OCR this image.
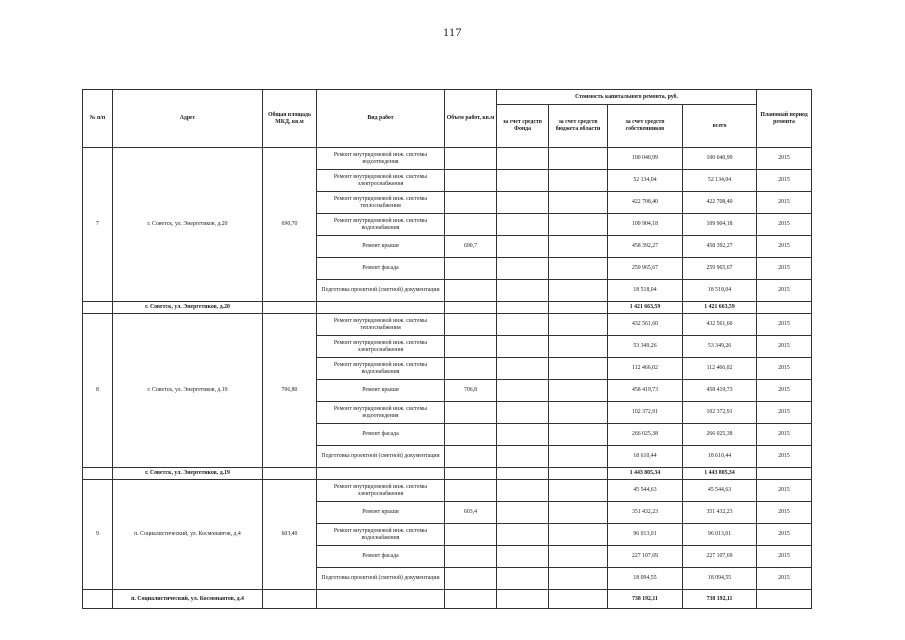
117
№ п/п	Адрес	Общая площадь МКД, кв.м	Вид работ	Объем работ, кв.м	Стоимость капитального ремонта, руб.				Плановый период ремонта
					за счет средств Фонда	за счет средств бюджета области	за счет средств собственников	всего	
7	г. Советск, ул. Энергетиков, д.20	690,70	Ремонт внутридомовой инж. системы водоотведения				100 040,99	100 040,99	2015
			Ремонт внутридомовой инж. системы электроснабжения				52 134,04	52 134,04	2015
			Ремонт внутридомовой инж. системы теплоснабжения				422 708,40	422 708,40	2015
			Ремонт внутридомовой инж. системы водоснабжения				109 904,18	109 904,18	2015
			Ремонт крыши	690,7			458 392,27	458 392,27	2015
			Ремонт фасада				259 965,67	259 965,67	2015
			Подготовка проектной (сметной) документации				18 518,04	18 518,04	2015
	г. Советск, ул. Энергетиков, д.20						1 421 663,59	1 421 663,59	
8	г. Советск, ул. Энергетиков, д.19	706,80	Ремонт внутридомовой инж. системы теплоснабжения				432 561,60	432 561,60	2015
			Ремонт внутридомовой инж. системы электроснабжения				53 349,26	53 349,26	2015
			Ремонт внутридомовой инж. системы водоснабжения				112 466,02	112 466,02	2015
			Ремонт крыши	706,8			458 419,73	458 419,73	2015
			Ремонт внутридомовой инж. системы водоотведения				102 372,91	102 372,91	2015
			Ремонт фасада				266 025,38	266 025,38	2015
			Подготовка проектной (сметной) документации				18 610,44	18 610,44	2015
	г. Советск, ул. Энергетиков, д.19						1 443 805,34	1 443 805,34	
9	п. Социалистический, ул. Космонавтов, д.4	603,40	Ремонт внутридомовой инж. системы электроснабжения				45 544,63	45 544,63	2015
			Ремонт крыши	603,4			351 432,23	351 432,23	2015
			Ремонт внутридомовой инж. системы водоснабжения				96 013,01	96 013,01	2015
			Ремонт фасада				227 107,69	227 107,69	2015
			Подготовка проектной (сметной) документации				18 094,55	18 094,55	2015
	п. Социалистический, ул. Космонавтов, д.4						738 192,11	738 192,11	
